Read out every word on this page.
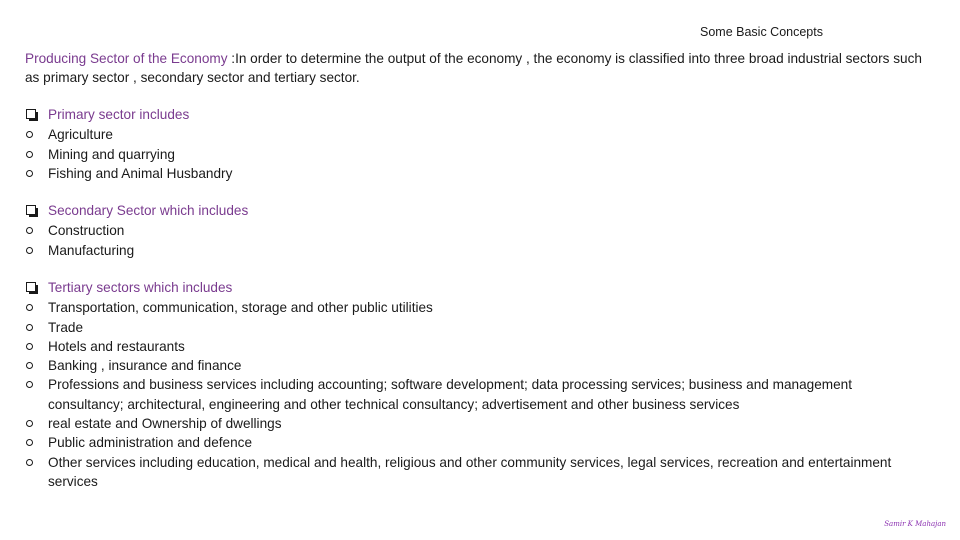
Some Basic Concepts
Producing Sector of the Economy :In order to determine the output of the economy , the economy is classified into three broad industrial sectors such as primary sector , secondary sector and tertiary sector.
Primary sector includes
Agriculture
Mining and quarrying
Fishing and Animal Husbandry
Secondary Sector which includes
Construction
Manufacturing
Tertiary sectors which includes
Transportation, communication, storage and other public utilities
Trade
Hotels and restaurants
Banking , insurance and finance
Professions and business services including accounting; software development; data processing services; business and management consultancy; architectural, engineering and other technical consultancy; advertisement and other business services
real estate and Ownership of dwellings
Public administration and defence
Other services including education, medical and health, religious and other community services, legal services, recreation and entertainment services
Samir K Mahajan
